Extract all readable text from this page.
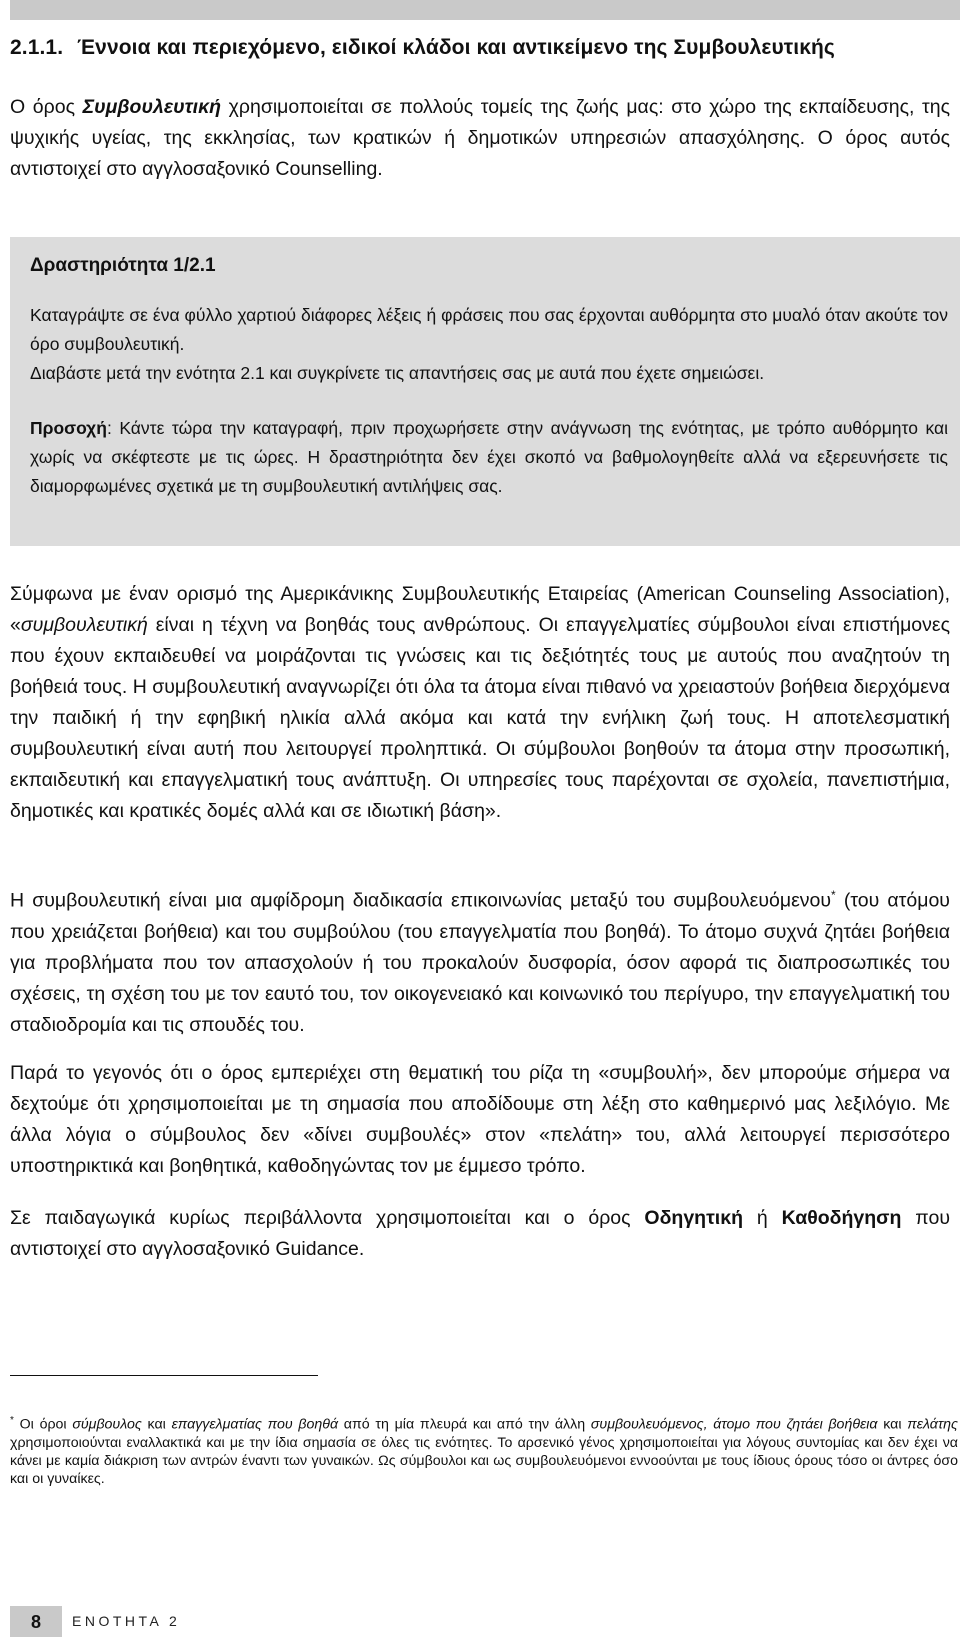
2.1.1. Έννοια και περιεχόμενο, ειδικοί κλάδοι και αντικείμενο της Συμβουλευτικής
Ο όρος Συμβουλευτική χρησιμοποιείται σε πολλούς τομείς της ζωής μας: στο χώρο της εκπαίδευσης, της ψυχικής υγείας, της εκκλησίας, των κρατικών ή δημοτικών υπηρεσιών απασχόλησης. Ο όρος αυτός αντιστοιχεί στο αγγλοσαξονικό Counselling.
Δραστηριότητα 1/2.1
Καταγράψτε σε ένα φύλλο χαρτιού διάφορες λέξεις ή φράσεις που σας έρχονται αυθόρμητα στο μυαλό όταν ακούτε τον όρο συμβουλευτική.
Διαβάστε μετά την ενότητα 2.1 και συγκρίνετε τις απαντήσεις σας με αυτά που έχετε σημειώσει.
Προσοχή: Κάντε τώρα την καταγραφή, πριν προχωρήσετε στην ανάγνωση της ενότητας, με τρόπο αυθόρμητο και χωρίς να σκέφτεστε με τις ώρες. Η δραστηριότητα δεν έχει σκοπό να βαθμολογηθείτε αλλά να εξερευνήσετε τις διαμορφωμένες σχετικά με τη συμβουλευτική αντιλήψεις σας.
Σύμφωνα με έναν ορισμό της Αμερικάνικης Συμβουλευτικής Εταιρείας (American Counseling Association), «συμβουλευτική είναι η τέχνη να βοηθάς τους ανθρώπους. Οι επαγγελματίες σύμβουλοι είναι επιστήμονες που έχουν εκπαιδευθεί να μοιράζονται τις γνώσεις και τις δεξιότητές τους με αυτούς που αναζητούν τη βοήθειά τους. Η συμβουλευτική αναγνωρίζει ότι όλα τα άτομα είναι πιθανό να χρειαστούν βοήθεια διερχόμενα την παιδική ή την εφηβική ηλικία αλλά ακόμα και κατά την ενήλικη ζωή τους. Η αποτελεσματική συμβουλευτική είναι αυτή που λειτουργεί προληπτικά. Οι σύμβουλοι βοηθούν τα άτομα στην προσωπική, εκπαιδευτική και επαγγελματική τους ανάπτυξη. Οι υπηρεσίες τους παρέχονται σε σχολεία, πανεπιστήμια, δημοτικές και κρατικές δομές αλλά και σε ιδιωτική βάση».
Η συμβουλευτική είναι μια αμφίδρομη διαδικασία επικοινωνίας μεταξύ του συμβουλευόμενου* (του ατόμου που χρειάζεται βοήθεια) και του συμβούλου (του επαγγελματία που βοηθά). Το άτομο συχνά ζητάει βοήθεια για προβλήματα που τον απασχολούν ή του προκαλούν δυσφορία, όσον αφορά τις διαπροσωπικές του σχέσεις, τη σχέση του με τον εαυτό του, τον οικογενειακό και κοινωνικό του περίγυρο, την επαγγελματική του σταδιοδρομία και τις σπουδές του.
Παρά το γεγονός ότι ο όρος εμπεριέχει στη θεματική του ρίζα τη «συμβουλή», δεν μπορούμε σήμερα να δεχτούμε ότι χρησιμοποιείται με τη σημασία που αποδίδουμε στη λέξη στο καθημερινό μας λεξιλόγιο. Με άλλα λόγια ο σύμβουλος δεν «δίνει συμβουλές» στον «πελάτη» του, αλλά λειτουργεί περισσότερο υποστηρικτικά και βοηθητικά, καθοδηγώντας τον με έμμεσο τρόπο.
Σε παιδαγωγικά κυρίως περιβάλλοντα χρησιμοποιείται και ο όρος Οδηγητική ή Καθοδήγηση που αντιστοιχεί στο αγγλοσαξονικό Guidance.
* Οι όροι σύμβουλος και επαγγελματίας που βοηθά από τη μία πλευρά και από την άλλη συμβουλευόμενος, άτομο που ζητάει βοήθεια και πελάτης χρησιμοποιούνται εναλλακτικά και με την ίδια σημασία σε όλες τις ενότητες. Το αρσενικό γένος χρησιμοποιείται για λόγους συντομίας και δεν έχει να κάνει με καμία διάκριση των αντρών έναντι των γυναικών. Ως σύμβουλοι και ως συμβουλευόμενοι εννοούνται με τους ίδιους όρους τόσο οι άντρες όσο και οι γυναίκες.
8	ΕΝΟΤΗΤΑ 2
